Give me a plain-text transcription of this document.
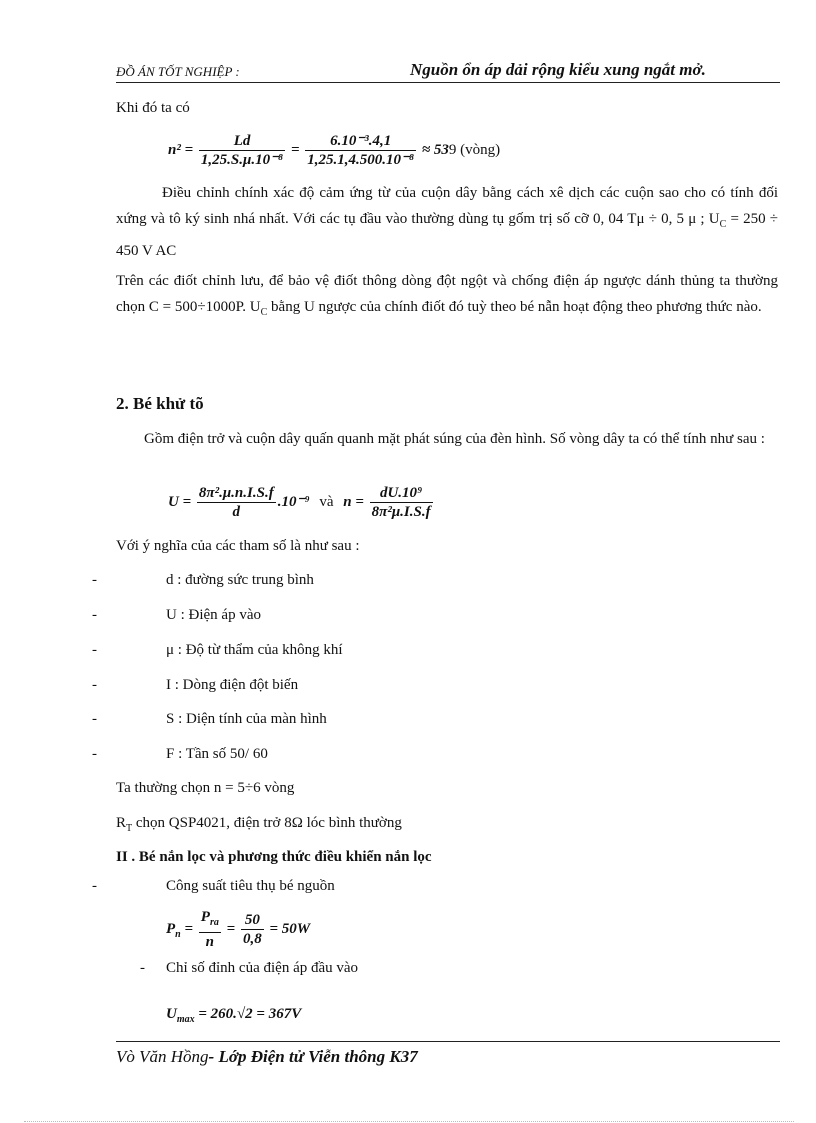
ĐỒ ÁN TỐT NGHIỆP :	Nguồn ổn áp dải rộng kiểu xung ngắt mở.
Khi đó ta có
$n^2 = \frac{Ld}{\text{1,25.S.μ.10⁻⁸}} = \frac{\text{6.10⁻³.4,1}}{\text{1,25.1,4.500.10⁻⁸}} \approx 539$ (vòng)
Điều chỉnh chính xác độ cảm ứng từ của cuộn dây bằng cách xê dịch các cuộn sao cho có tính đối xứng và tô ký sinh nhá nhất. Với các tụ đầu vào thường dùng tụ gốm trị số cỡ 0, 04 Tμ ÷ 0, 5 μ ; $U_C = 250 \div 450$ V AC
Trên các điốt chỉnh lưu, để bảo vệ điốt thông dòng đột ngột và chống điện áp ngược dánh thủng ta thường chọn C = 500÷1000P. $U_C$ bằng U ngược của chính điốt đó tuỳ theo bé nẫn hoạt động theo phương thức nào.
2. Bé khử tõ
Gồm điện trở và cuộn dây quấn quanh mặt phát súng của đèn hình. Số vòng dây ta có thể tính như sau :
$U = \frac{\text{8π².μ.n.I.S.f}}{d} .10^{-9}$ và $n = \frac{\text{dU.10⁹}}{\text{8π²μ.I.S.f}}$
Với ý nghĩa của các tham số là như sau :
-	d : đường sức trung bình
-	U : Điện áp vào
-	μ : Độ từ thẩm của không khí
-	I : Dòng điện đột biến
-	S : Diện tính của màn hình
-	F : Tần số 50/ 60
Ta thường chọn n = 5÷6 vòng
$R_T$ chọn QSP4021, điện trở 8Ω lóc bình thường
II . Bé nắn lọc và phương thức điều khiển nắn lọc
-	Công suất tiêu thụ bé nguồn
$P_n = \frac{P_{ra}}{n} = \frac{50}{0,8} = 50W$
- Chỉ số đỉnh của điện áp đầu vào
$U_{max} = 260.√2 = 367V$
Vò Văn Hồng- Lớp Điện tử Viễn thông K37
